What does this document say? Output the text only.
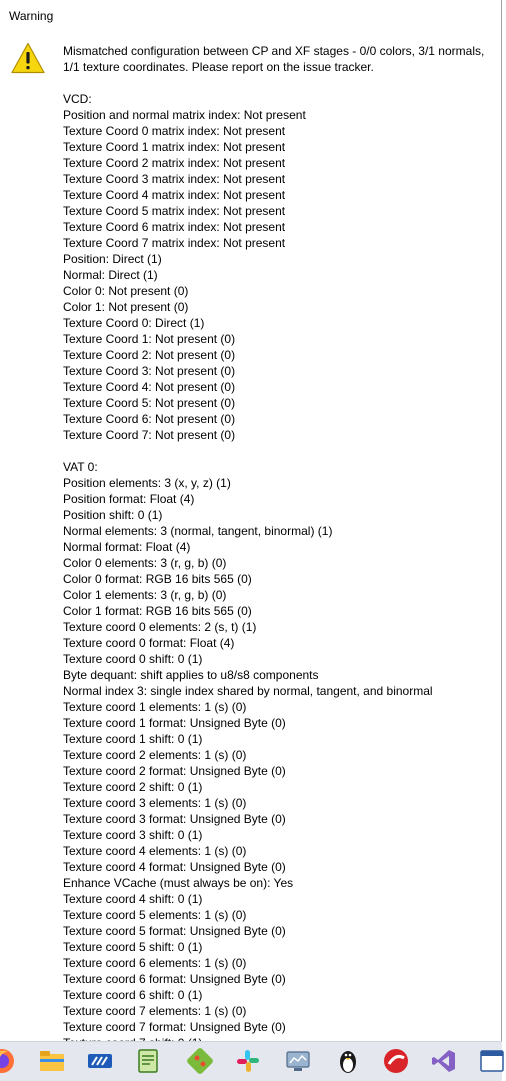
Warning
Mismatched configuration between CP and XF stages - 0/0 colors, 3/1 normals,
1/1 texture coordinates. Please report on the issue tracker.
VCD:
Position and normal matrix index: Not present
Texture Coord 0 matrix index: Not present
Texture Coord 1 matrix index: Not present
Texture Coord 2 matrix index: Not present
Texture Coord 3 matrix index: Not present
Texture Coord 4 matrix index: Not present
Texture Coord 5 matrix index: Not present
Texture Coord 6 matrix index: Not present
Texture Coord 7 matrix index: Not present
Position: Direct (1)
Normal: Direct (1)
Color 0: Not present (0)
Color 1: Not present (0)
Texture Coord 0: Direct (1)
Texture Coord 1: Not present (0)
Texture Coord 2: Not present (0)
Texture Coord 3: Not present (0)
Texture Coord 4: Not present (0)
Texture Coord 5: Not present (0)
Texture Coord 6: Not present (0)
Texture Coord 7: Not present (0)
VAT 0:
Position elements: 3 (x, y, z) (1)
Position format: Float (4)
Position shift: 0 (1)
Normal elements: 3 (normal, tangent, binormal) (1)
Normal format: Float (4)
Color 0 elements: 3 (r, g, b) (0)
Color 0 format: RGB 16 bits 565 (0)
Color 1 elements: 3 (r, g, b) (0)
Color 1 format: RGB 16 bits 565 (0)
Texture coord 0 elements: 2 (s, t) (1)
Texture coord 0 format: Float (4)
Texture coord 0 shift: 0 (1)
Byte dequant: shift applies to u8/s8 components
Normal index 3: single index shared by normal, tangent, and binormal
Texture coord 1 elements: 1 (s) (0)
Texture coord 1 format: Unsigned Byte (0)
Texture coord 1 shift: 0 (1)
Texture coord 2 elements: 1 (s) (0)
Texture coord 2 format: Unsigned Byte (0)
Texture coord 2 shift: 0 (1)
Texture coord 3 elements: 1 (s) (0)
Texture coord 3 format: Unsigned Byte (0)
Texture coord 3 shift: 0 (1)
Texture coord 4 elements: 1 (s) (0)
Texture coord 4 format: Unsigned Byte (0)
Enhance VCache (must always be on): Yes
Texture coord 4 shift: 0 (1)
Texture coord 5 elements: 1 (s) (0)
Texture coord 5 format: Unsigned Byte (0)
Texture coord 5 shift: 0 (1)
Texture coord 6 elements: 1 (s) (0)
Texture coord 6 format: Unsigned Byte (0)
Texture coord 6 shift: 0 (1)
Texture coord 7 elements: 1 (s) (0)
Texture coord 7 format: Unsigned Byte (0)
